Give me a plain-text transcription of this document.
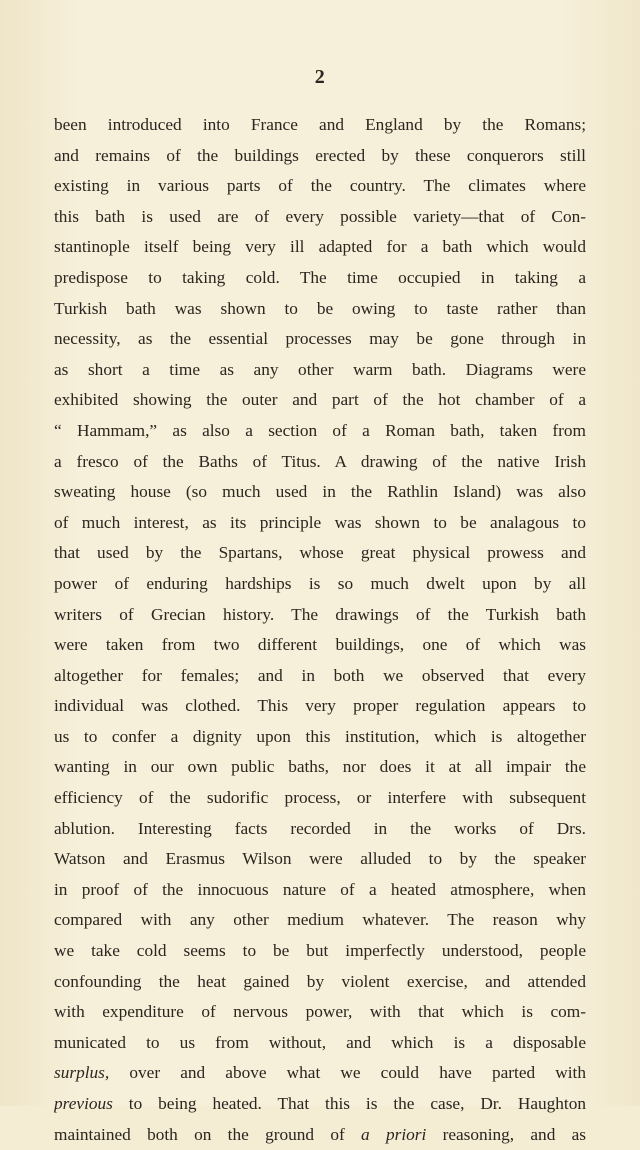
2
been introduced into France and England by the Romans;
and remains of the buildings erected by these conquerors still
existing in various parts of the country. The climates where
this bath is used are of every possible variety—that of Con-
stantinople itself being very ill adapted for a bath which would
predispose to taking cold. The time occupied in taking a
Turkish bath was shown to be owing to taste rather than
necessity, as the essential processes may be gone through in
as short a time as any other warm bath. Diagrams were
exhibited showing the outer and part of the hot chamber of a
“ Hammam,” as also a section of a Roman bath, taken from
a fresco of the Baths of Titus. A drawing of the native Irish
sweating house (so much used in the Rathlin Island) was also
of much interest, as its principle was shown to be analagous to
that used by the Spartans, whose great physical prowess and
power of enduring hardships is so much dwelt upon by all
writers of Grecian history. The drawings of the Turkish bath
were taken from two different buildings, one of which was
altogether for females; and in both we observed that every
individual was clothed. This very proper regulation appears to
us to confer a dignity upon this institution, which is altogether
wanting in our own public baths, nor does it at all impair the
efficiency of the sudorific process, or interfere with subsequent
ablution. Interesting facts recorded in the works of Drs.
Watson and Erasmus Wilson were alluded to by the speaker
in proof of the innocuous nature of a heated atmosphere, when
compared with any other medium whatever. The reason why
we take cold seems to be but imperfectly understood, people
confounding the heat gained by violent exercise, and attended
with expenditure of nervous power, with that which is com-
municated to us from without, and which is a disposable
surplus, over and above what we could have parted with
previous to being heated. That this is the case, Dr. Haughton
maintained both on the ground of a priori reasoning, and as
